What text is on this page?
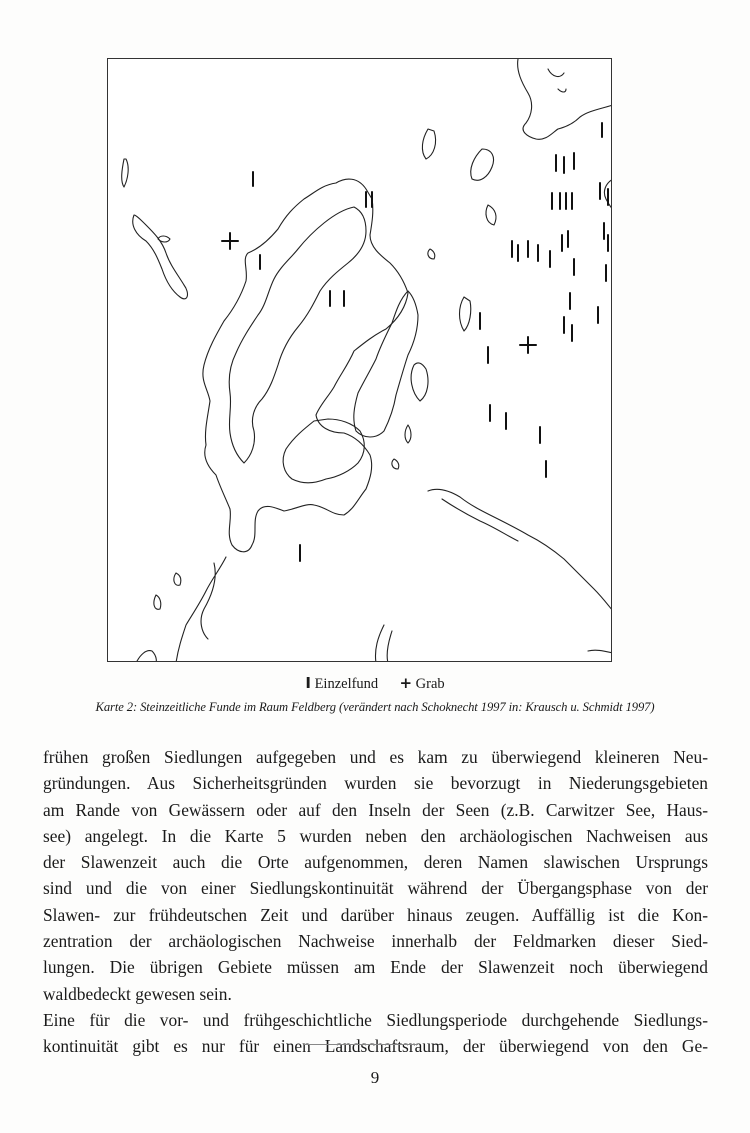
I Einzelfund + Grab
Karte 2: Steinzeitliche Funde im Raum Feldberg (verändert nach Schoknecht 1997 in: Krausch u. Schmidt 1997)
frühen großen Siedlungen aufgegeben und es kam zu überwiegend kleineren Neu-
gründungen. Aus Sicherheitsgründen wurden sie bevorzugt in Niederungsgebieten
am Rande von Gewässern oder auf den Inseln der Seen (z.B. Carwitzer See, Haus-
see) angelegt. In die Karte 5 wurden neben den archäologischen Nachweisen aus
der Slawenzeit auch die Orte aufgenommen, deren Namen slawischen Ursprungs
sind und die von einer Siedlungskontinuität während der Übergangsphase von der
Slawen- zur frühdeutschen Zeit und darüber hinaus zeugen. Auffällig ist die Kon-
zentration der archäologischen Nachweise innerhalb der Feldmarken dieser Sied-
lungen. Die übrigen Gebiete müssen am Ende der Slawenzeit noch überwiegend
waldbedeckt gewesen sein.
Eine für die vor- und frühgeschichtliche Siedlungsperiode durchgehende Siedlungs-
kontinuität gibt es nur für einen Landschaftsraum, der überwiegend von den Ge-
9
